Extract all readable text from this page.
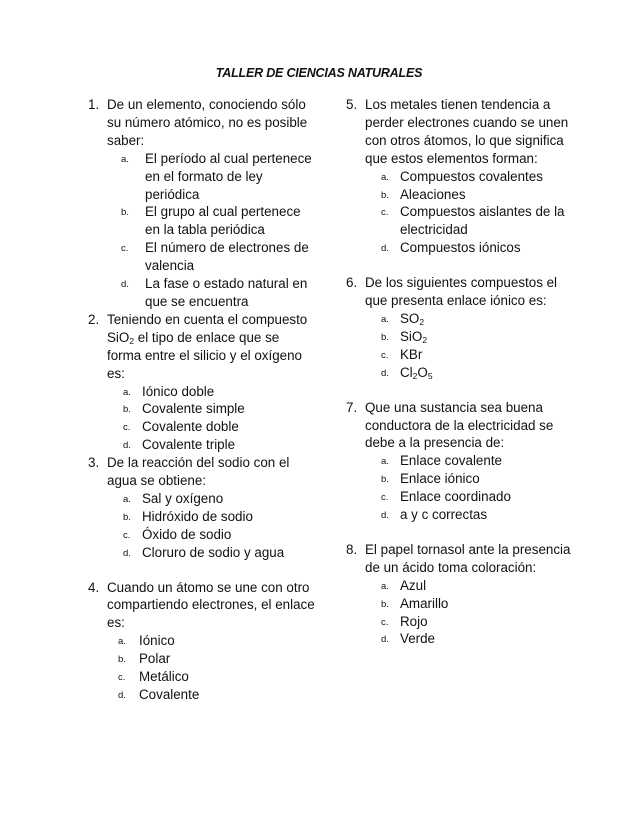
TALLER DE CIENCIAS NATURALES
1. De un elemento, conociendo sólo su número atómico, no es posible saber:
a. El período al cual pertenece en el formato de ley periódica
b. El grupo al cual pertenece en la tabla periódica
c. El número de electrones de valencia
d. La fase o estado natural en que se encuentra
2. Teniendo en cuenta el compuesto SiO$_2$ el tipo de enlace que se forma entre el silicio y el oxígeno es:
a. Iónico doble
b. Covalente simple
c. Covalente doble
d. Covalente triple
3. De la reacción del sodio con el agua se obtiene:
a. Sal y oxígeno
b. Hidróxido de sodio
c. Óxido de sodio
d. Cloruro de sodio y agua
4. Cuando un átomo se une con otro compartiendo electrones, el enlace es:
a. Iónico
b. Polar
c. Metálico
d. Covalente
5. Los metales tienen tendencia a perder electrones cuando se unen con otros átomos, lo que significa que estos elementos forman:
a. Compuestos covalentes
b. Aleaciones
c. Compuestos aislantes de la electricidad
d. Compuestos iónicos
6. De los siguientes compuestos el que presenta enlace iónico es:
a. $SO_2$
b. SiO$_2$
c. KBr
d. $Cl_2O_5$
7. Que una sustancia sea buena conductora de la electricidad se debe a la presencia de:
a. Enlace covalente
b. Enlace iónico
c. Enlace coordinado
d. a y c correctas
8. El papel tornasol ante la presencia de un ácido toma coloración:
a. Azul
b. Amarillo
c. Rojo
d. Verde
